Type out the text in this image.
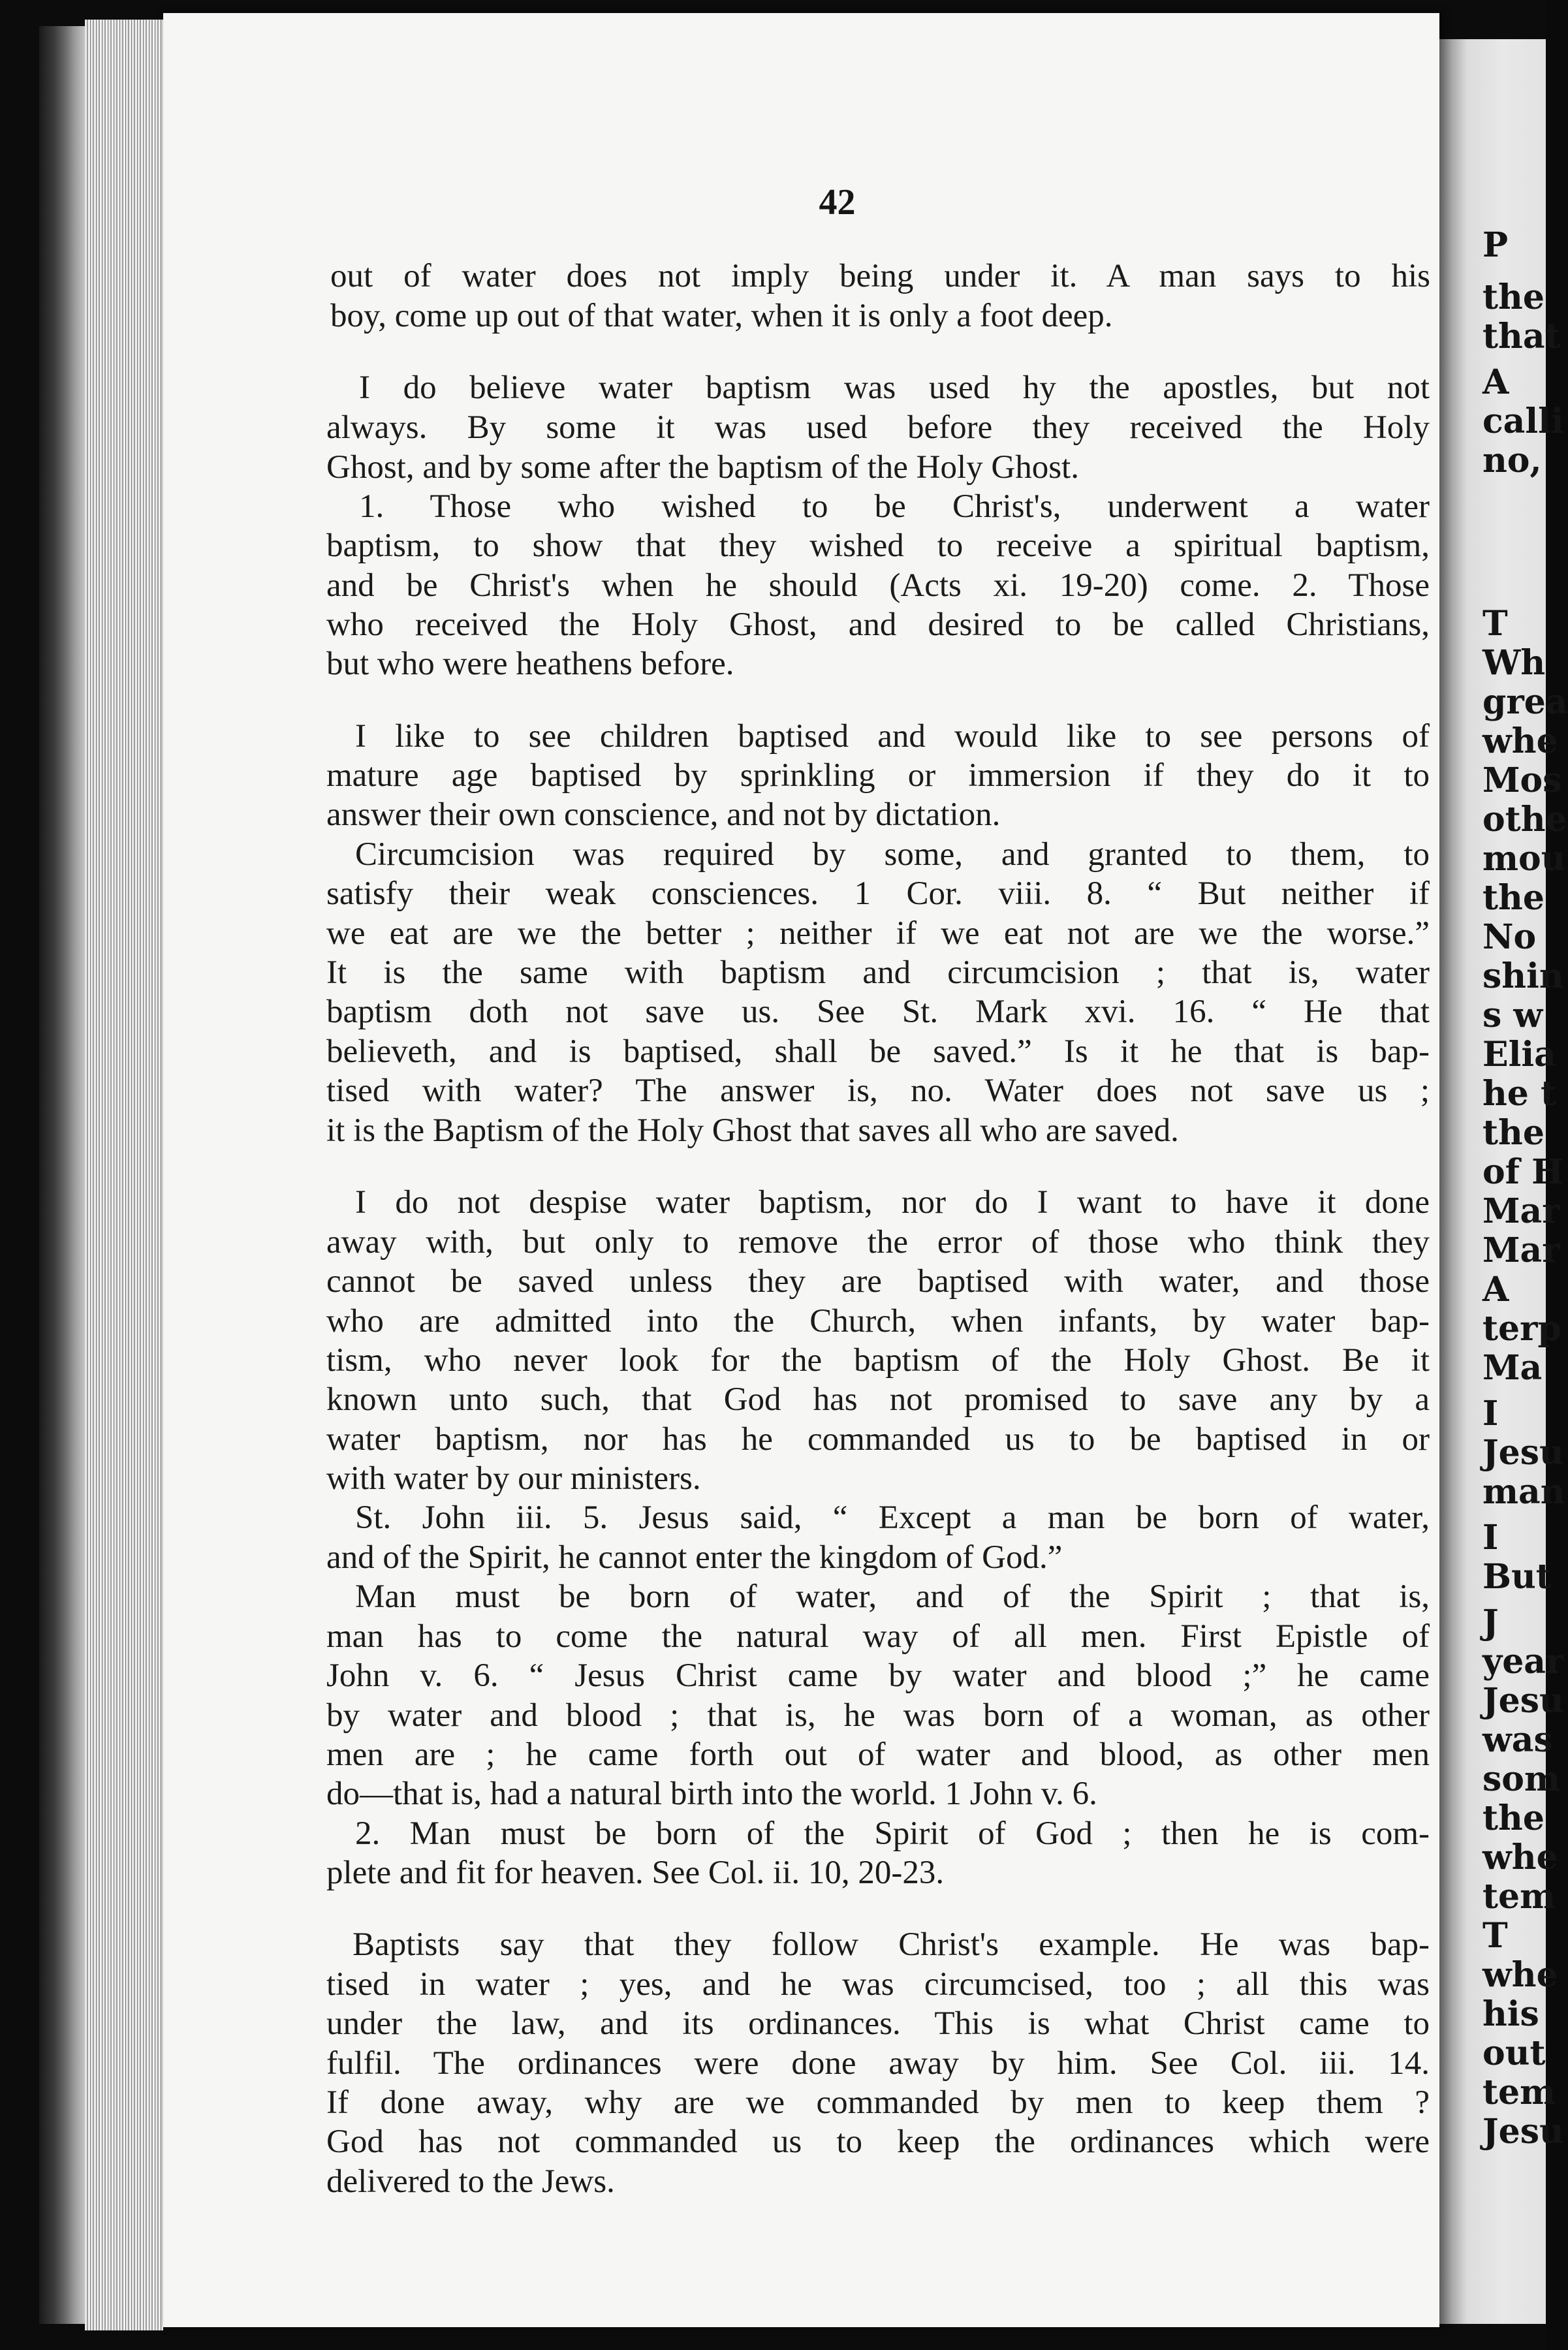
42
out of water does not imply being under it. A man says to his
boy, come up out of that water, when it is only a foot deep.
I do believe water baptism was used hy the apostles, but not
always. By some it was used before they received the Holy
Ghost, and by some after the baptism of the Holy Ghost.
1. Those who wished to be Christ's, underwent a water
baptism, to show that they wished to receive a spiritual baptism,
and be Christ's when he should (Acts xi. 19-20) come. 2. Those
who received the Holy Ghost, and desired to be called Christians,
but who were heathens before.
I like to see children baptised and would like to see persons of
mature age baptised by sprinkling or immersion if they do it to
answer their own conscience, and not by dictation.
Circumcision was required by some, and granted to them, to
satisfy their weak consciences. 1 Cor. viii. 8. “ But neither if
we eat are we the better ; neither if we eat not are we the worse.”
It is the same with baptism and circumcision ; that is, water
baptism doth not save us. See St. Mark xvi. 16. “ He that
believeth, and is baptised, shall be saved.” Is it he that is bap-
tised with water? The answer is, no. Water does not save us ;
it is the Baptism of the Holy Ghost that saves all who are saved.
I do not despise water baptism, nor do I want to have it done
away with, but only to remove the error of those who think they
cannot be saved unless they are baptised with water, and those
who are admitted into the Church, when infants, by water bap-
tism, who never look for the baptism of the Holy Ghost. Be it
known unto such, that God has not promised to save any by a
water baptism, nor has he commanded us to be baptised in or
with water by our ministers.
St. John iii. 5. Jesus said, “ Except a man be born of water,
and of the Spirit, he cannot enter the kingdom of God.”
Man must be born of water, and of the Spirit ; that is,
man has to come the natural way of all men. First Epistle of
John v. 6. “ Jesus Christ came by water and blood ;” he came
by water and blood ; that is, he was born of a woman, as other
men are ; he came forth out of water and blood, as other men
do—that is, had a natural birth into the world. 1 John v. 6.
2. Man must be born of the Spirit of God ; then he is com-
plete and fit for heaven. See Col. ii. 10, 20-23.
Baptists say that they follow Christ's example. He was bap-
tised in water ; yes, and he was circumcised, too ; all this was
under the law, and its ordinances. This is what Christ came to
fulfil. The ordinances were done away by him. See Col. iii. 14.
If done away, why are we commanded by men to keep them ?
God has not commanded us to keep the ordinances which were
delivered to the Jews.
P
the
that
A
calli
no,
T
Wh
grea
whe
Mos
othe
mou
the
No
shin
s w
Elia
he t
the
of H
Mar
Mar
A
terp
Ma
I
Jesu
man
I
But
J
year
Jesu
was
som
the
whe
tem
T
whe
his
out
tem
Jesu
